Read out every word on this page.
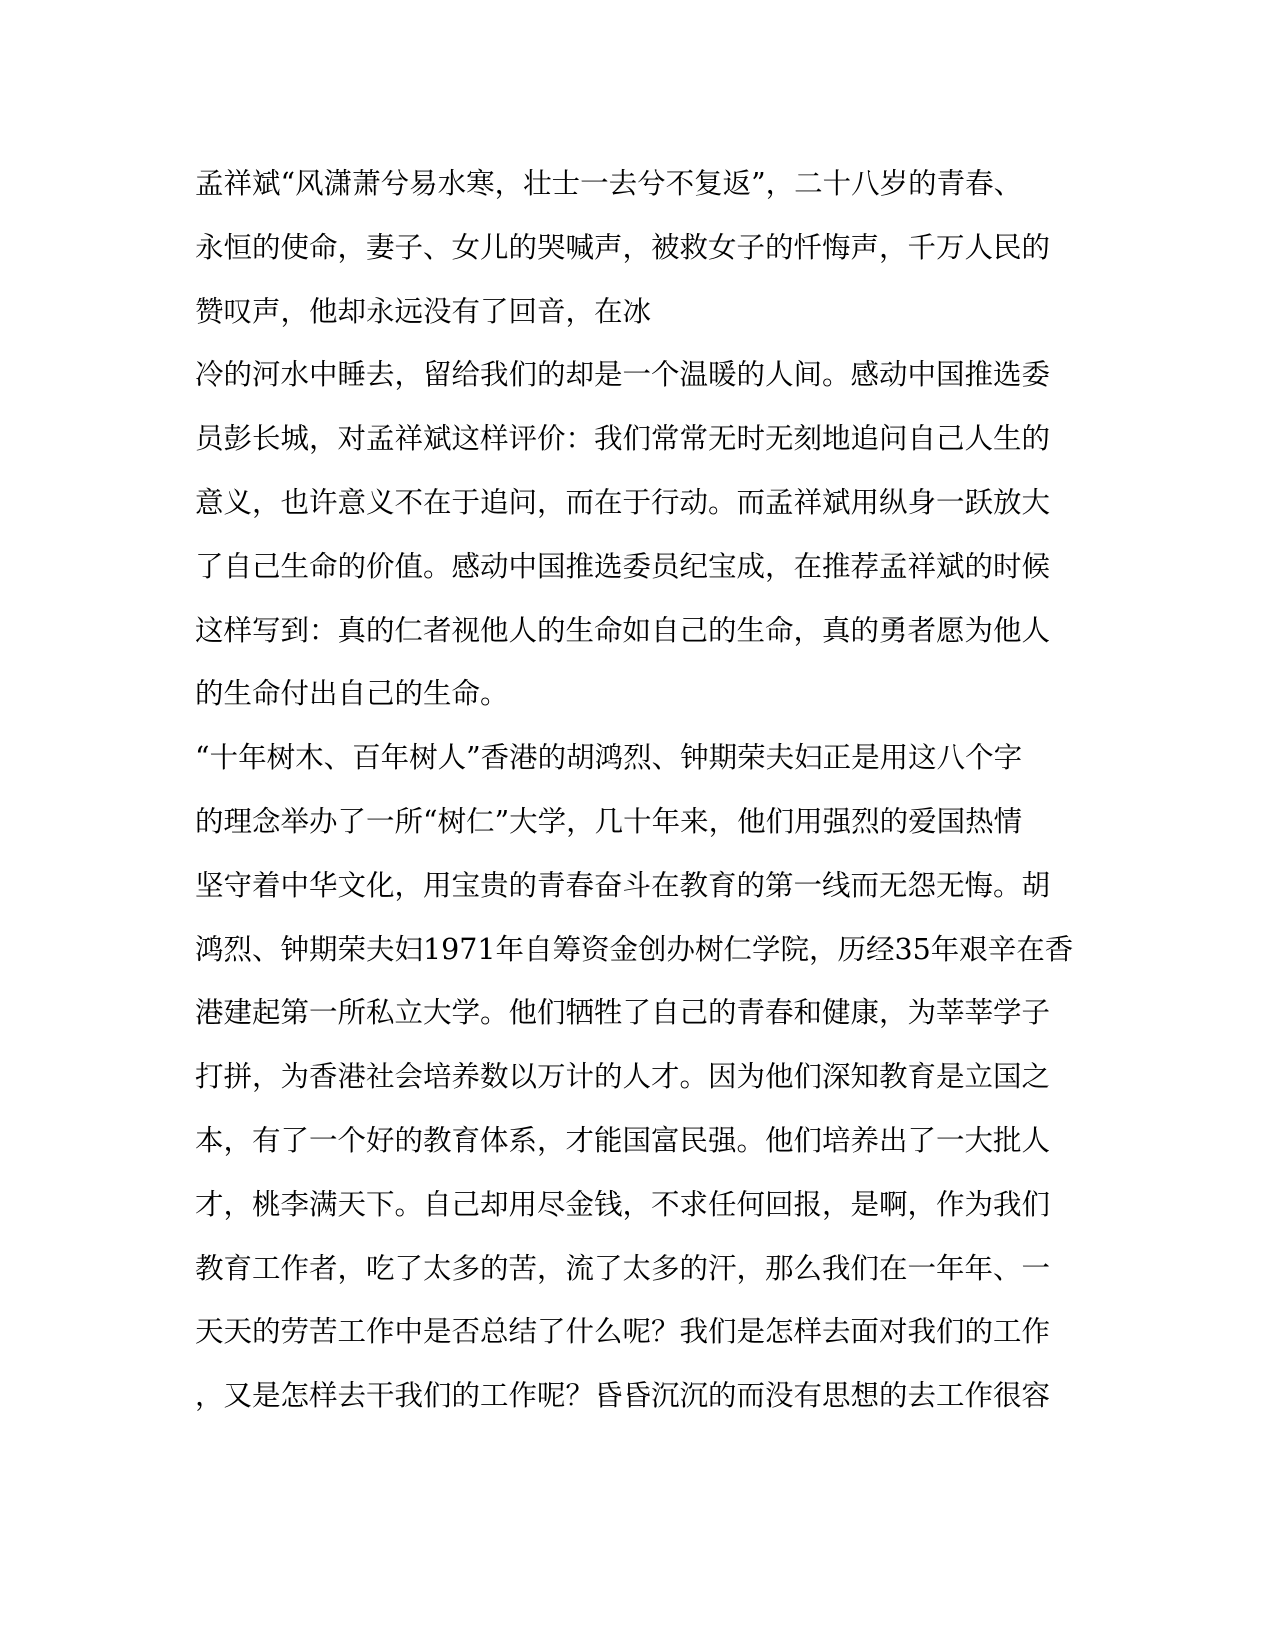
孟祥斌“风潇萧兮易水寒，壮士一去兮不复返”，二十八岁的青春、
永恒的使命，妻子、女儿的哭喊声，被救女子的忏悔声，千万人民的
赞叹声，他却永远没有了回音，在冰
冷的河水中睡去，留给我们的却是一个温暖的人间。感动中国推选委
员彭长城，对孟祥斌这样评价：我们常常无时无刻地追问自己人生的
意义，也许意义不在于追问，而在于行动。而孟祥斌用纵身一跃放大
了自己生命的价值。感动中国推选委员纪宝成，在推荐孟祥斌的时候
这样写到：真的仁者视他人的生命如自己的生命，真的勇者愿为他人
的生命付出自己的生命。
“十年树木、百年树人”香港的胡鸿烈、钟期荣夫妇正是用这八个字
的理念举办了一所“树仁”大学，几十年来，他们用强烈的爱国热情
坚守着中华文化，用宝贵的青春奋斗在教育的第一线而无怨无悔。胡
鸿烈、钟期荣夫妇1971年自筹资金创办树仁学院，历经35年艰辛在香
港建起第一所私立大学。他们牺牲了自己的青春和健康，为莘莘学子
打拼，为香港社会培养数以万计的人才。因为他们深知教育是立国之
本，有了一个好的教育体系，才能国富民强。他们培养出了一大批人
才，桃李满天下。自己却用尽金钱，不求任何回报，是啊，作为我们
教育工作者，吃了太多的苦，流了太多的汗，那么我们在一年年、一
天天的劳苦工作中是否总结了什么呢？我们是怎样去面对我们的工作
，又是怎样去干我们的工作呢？昏昏沉沉的而没有思想的去工作很容
